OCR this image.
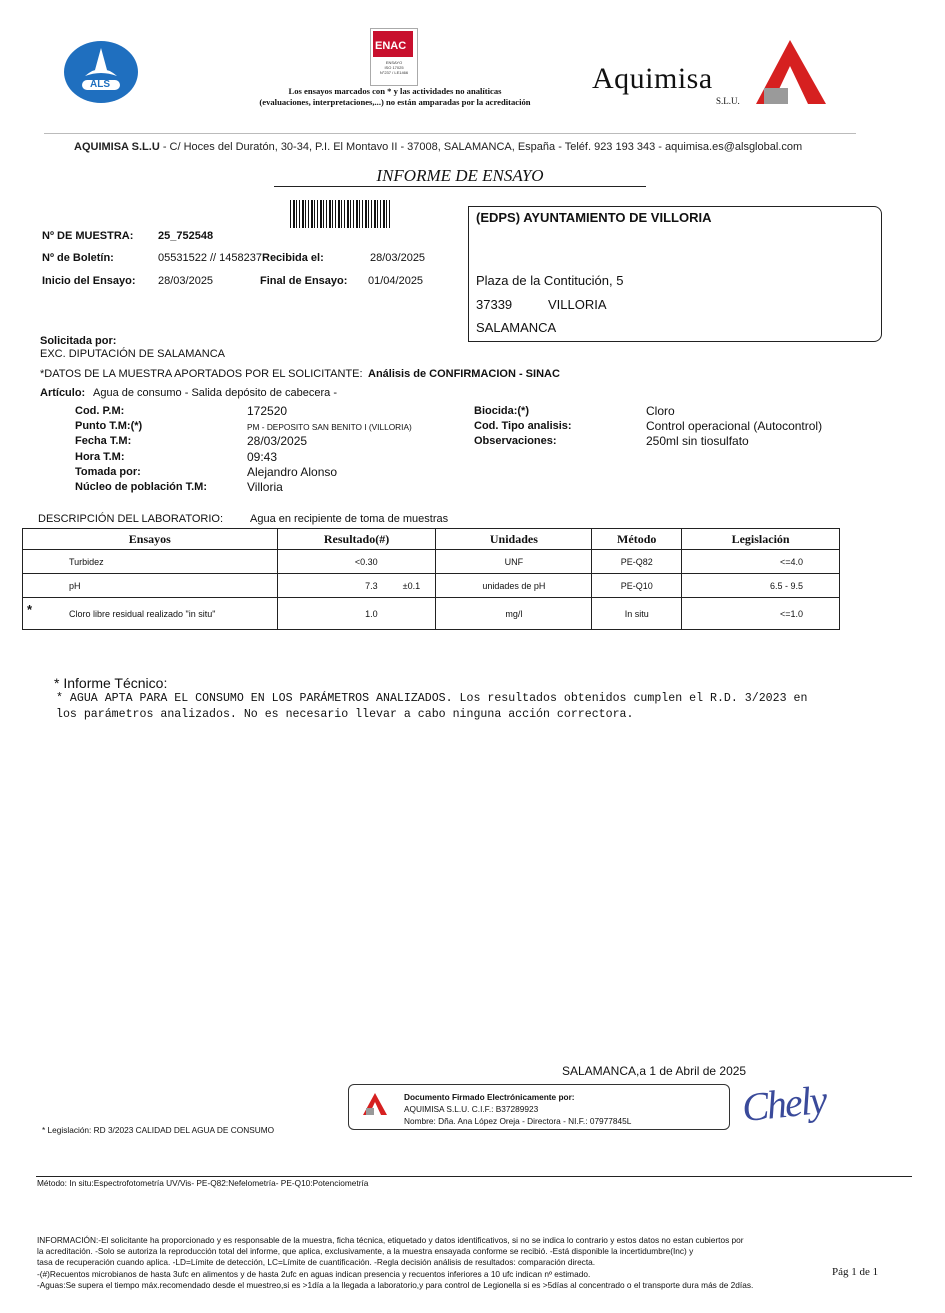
ALS
ENAC
ENSAYO
ISO 17025
N°237 / LE1466
Los ensayos marcados con * y las actividades no analíticas
(evaluaciones, interpretaciones,...) no están amparadas por la acreditación
Aquimisa
S.L.U.
AQUIMISA S.L.U - C/ Hoces del Duratón, 30-34, P.I. El Montavo II - 37008, SALAMANCA, España - Teléf. 923 193 343 - aquimisa.es@alsglobal.com
INFORME DE ENSAYO
Nº DE MUESTRA: 25_752548
Nº de Boletín:	05531522 // 1458237 Recibida el:	28/03/2025
Inicio del Ensayo: 28/03/2025	Final de Ensayo: 01/04/2025
(EDPS) AYUNTAMIENTO DE VILLORIA
Plaza de la Contitución, 5
37339	VILLORIA
SALAMANCA
Solicitada por:
EXC. DIPUTACIÓN DE SALAMANCA
*DATOS DE LA MUESTRA APORTADOS POR EL SOLICITANTE: Análisis de CONFIRMACION - SINAC
Artículo: Agua de consumo - Salida depósito de cabecera -
Cod. P.M:	172520
Punto T.M:(*)	PM - DEPOSITO SAN BENITO I (VILLORIA)
Fecha T.M:	28/03/2025
Hora T.M:	09:43
Tomada por:	Alejandro Alonso
Núcleo de población T.M:	Villoria
Biocida:(*)	Cloro
Cod. Tipo analisis:	Control operacional (Autocontrol)
Observaciones:	250ml sin tiosulfato
DESCRIPCIÓN DEL LABORATORIO: Agua en recipiente de toma de muestras
Ensayos	Resultado(#)	Unidades	Método	Legislación
Turbidez	<0.30	UNF	PE-Q82	<=4.0
pH	7.3 ±0.1	unidades de pH	PE-Q10	6.5 - 9.5

* Cloro libre residual realizado "in situ"	1.0	mg/l	In situ	<=1.0
* Informe Técnico:
* AGUA APTA PARA EL CONSUMO EN LOS PARÁMETROS ANALIZADOS. Los resultados obtenidos cumplen el R.D. 3/2023 en
los parámetros analizados. No es necesario llevar a cabo ninguna acción correctora.
SALAMANCA,a 1 de Abril de 2025
Documento Firmado Electrónicamente por:
AQUIMISA S.L.U. C.I.F.: B37289923
Nombre: Dña. Ana López Oreja - Directora - NI.F.: 07977845L	Chely
* Legislación: RD 3/2023 CALIDAD DEL AGUA DE CONSUMO
Método: In situ:Espectrofotometría UV/Vis- PE-Q82:Nefelometría- PE-Q10:Potenciometría
INFORMACIÓN:-El solicitante ha proporcionado y es responsable de la muestra, ficha técnica, etiquetado y datos identificativos, si no se indica lo contrario y estos datos no estan cubiertos por
la acreditación. -Solo se autoriza la reproducción total del informe, que aplica, exclusivamente, a la muestra ensayada conforme se recibió. -Está disponible la incertidumbre(Inc) y
tasa de recuperación cuando aplica. -LD=Límite de detección, LC=Límite de cuantificación. -Regla decisión análisis de resultados: comparación directa.
-(#)Recuentos microbianos de hasta 3ufc en alimentos y de hasta 2ufc en aguas indican presencia y recuentos inferiores a 10 ufc indican nº estimado.
-Aguas:Se supera el tiempo máx.recomendado desde el muestreo,si es >1día a la llegada a laboratorio,y para control de Legionella si es >5días al concentrado o el transporte dura más de 2días.
Pág 1 de 1
